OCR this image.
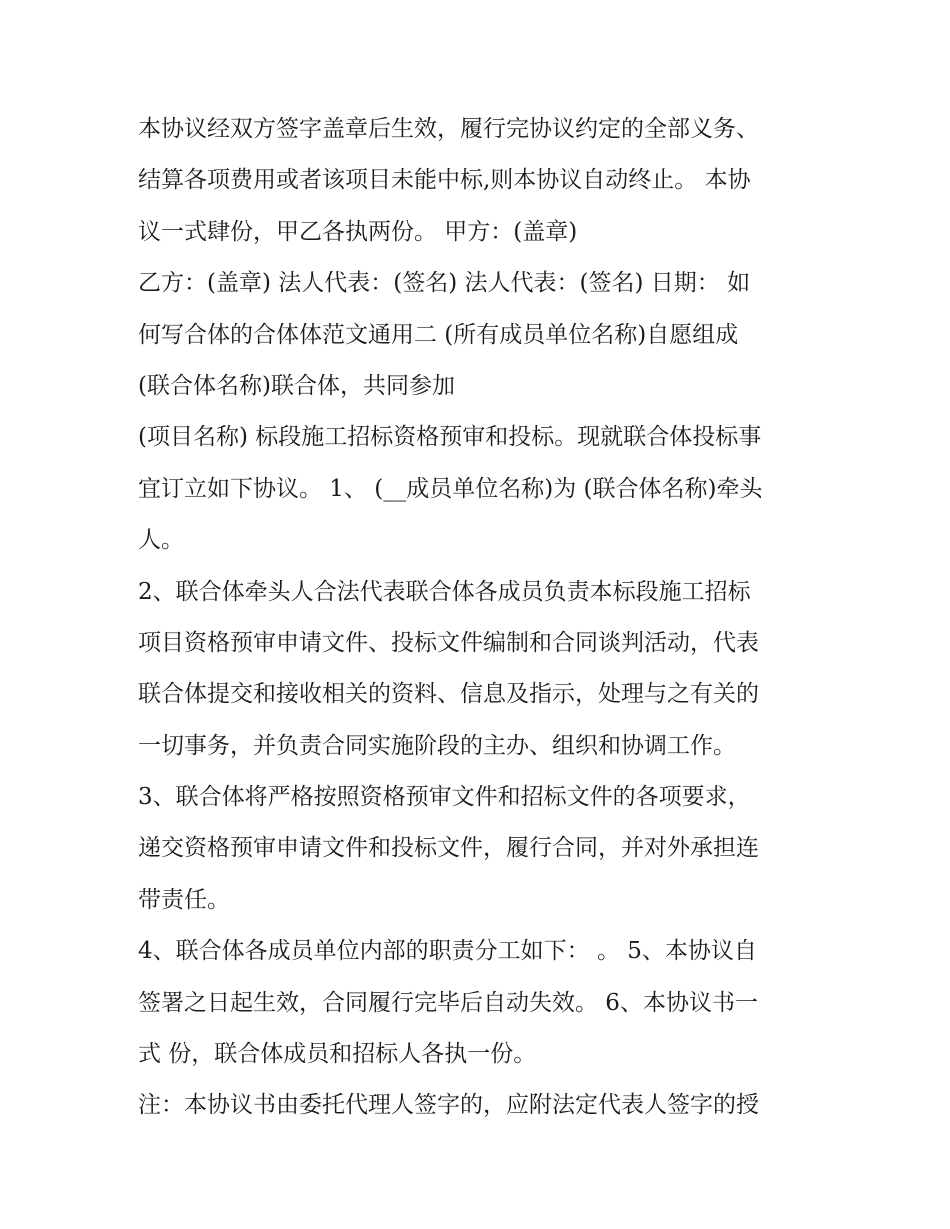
本协议经双方签字盖章后生效，履行完协议约定的全部义务、
结算各项费用或者该项目未能中标,则本协议自动终止。 本协
议一式肆份，甲乙各执两份。 甲方：(盖章)
乙方：(盖章) 法人代表：(签名) 法人代表：(签名) 日期： 如
何写合体的合体体范文通用二 (所有成员单位名称)自愿组成
(联合体名称)联合体，共同参加
(项目名称) 标段施工招标资格预审和投标。现就联合体投标事
宜订立如下协议。 1、 (__成员单位名称)为 (联合体名称)牵头
人。
2、联合体牵头人合法代表联合体各成员负责本标段施工招标
项目资格预审申请文件、投标文件编制和合同谈判活动，代表
联合体提交和接收相关的资料、信息及指示，处理与之有关的
一切事务，并负责合同实施阶段的主办、组织和协调工作。
3、联合体将严格按照资格预审文件和招标文件的各项要求，
递交资格预审申请文件和投标文件，履行合同，并对外承担连
带责任。
4、联合体各成员单位内部的职责分工如下： 。 5、本协议自
签署之日起生效，合同履行完毕后自动失效。 6、本协议书一
式 份，联合体成员和招标人各执一份。
注：本协议书由委托代理人签字的，应附法定代表人签字的授
